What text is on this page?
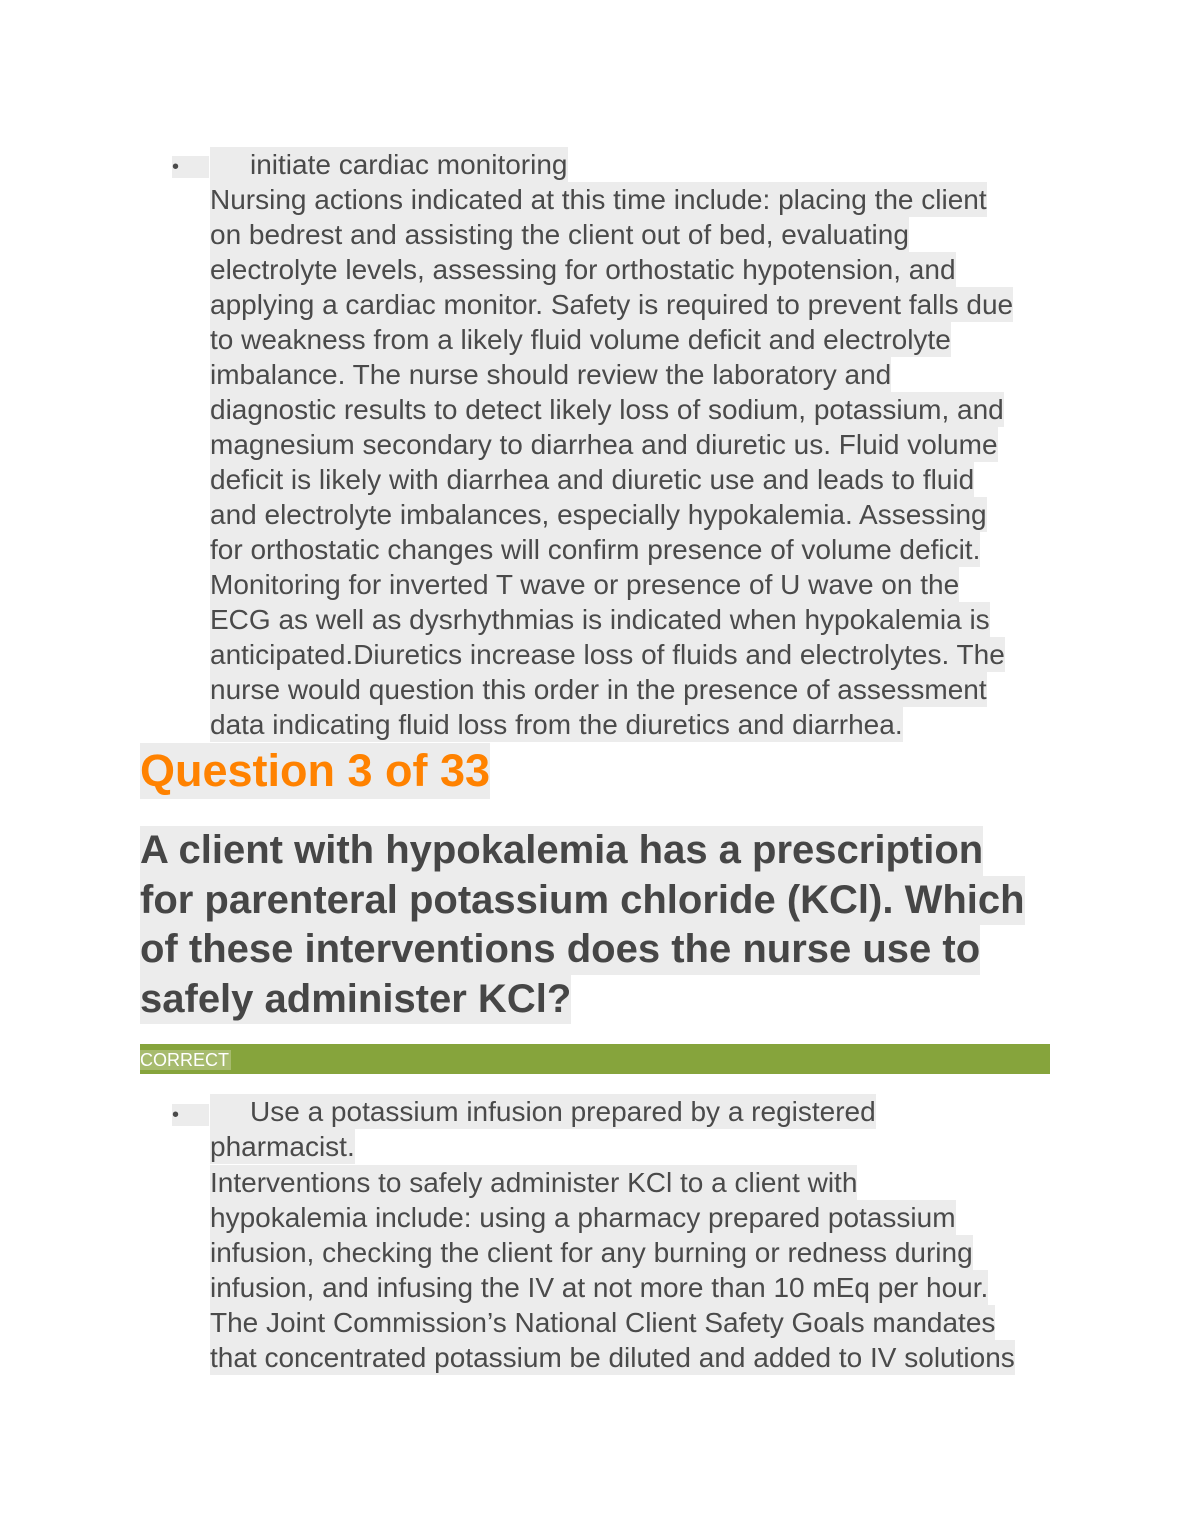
•	initiate cardiac monitoring
Nursing actions indicated at this time include: placing the client
on bedrest and assisting the client out of bed, evaluating
electrolyte levels, assessing for orthostatic hypotension, and
applying a cardiac monitor. Safety is required to prevent falls due
to weakness from a likely fluid volume deficit and electrolyte
imbalance. The nurse should review the laboratory and
diagnostic results to detect likely loss of sodium, potassium, and
magnesium secondary to diarrhea and diuretic us. Fluid volume
deficit is likely with diarrhea and diuretic use and leads to fluid
and electrolyte imbalances, especially hypokalemia. Assessing
for orthostatic changes will confirm presence of volume deficit.
Monitoring for inverted T wave or presence of U wave on the
ECG as well as dysrhythmias is indicated when hypokalemia is
anticipated.Diuretics increase loss of fluids and electrolytes. The
nurse would question this order in the presence of assessment
data indicating fluid loss from the diuretics and diarrhea.
Question 3 of 33
A client with hypokalemia has a prescription
for parenteral potassium chloride (KCl). Which
of these interventions does the nurse use to
safely administer KCl?
CORRECT
•	Use a potassium infusion prepared by a registered
pharmacist.
Interventions to safely administer KCl to a client with
hypokalemia include: using a pharmacy prepared potassium
infusion, checking the client for any burning or redness during
infusion, and infusing the IV at not more than 10 mEq per hour.
The Joint Commission’s National Client Safety Goals mandates
that concentrated potassium be diluted and added to IV solutions
